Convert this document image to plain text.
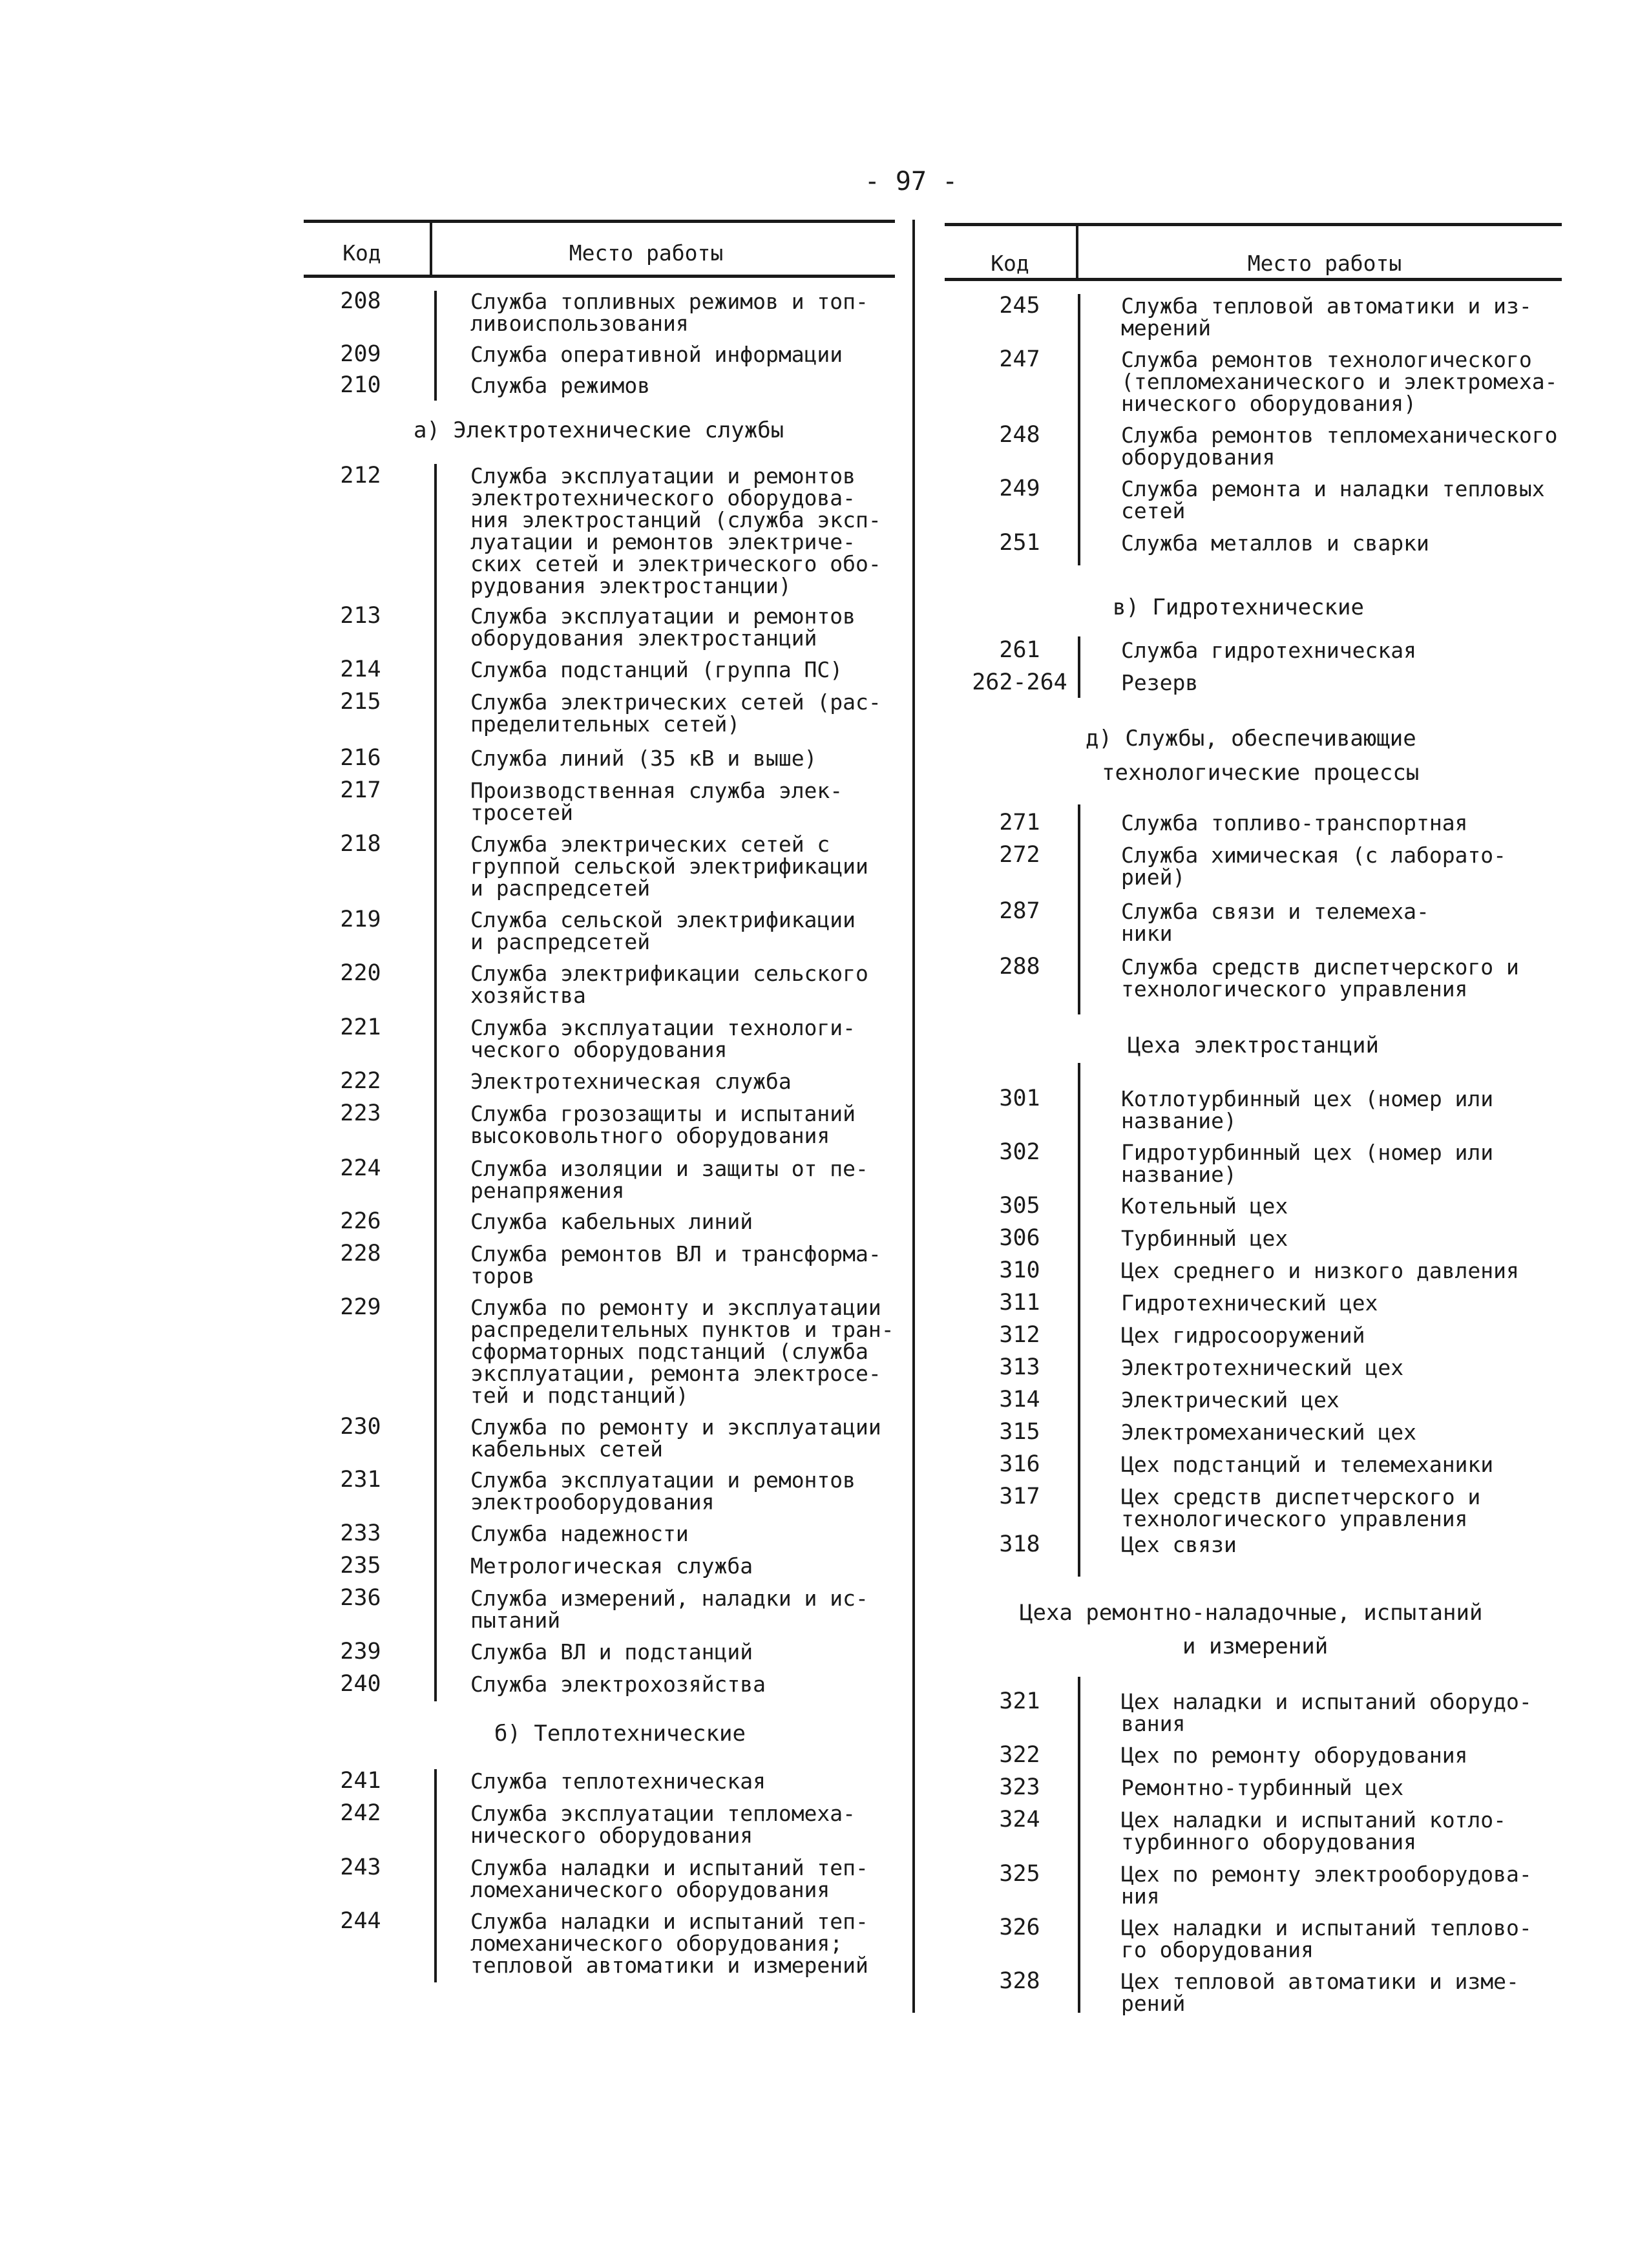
- 97 -
Код	Место работы	Код	Место работы
а) Электротехнические службы
б) Теплотехнические
в) Гидротехнические
д) Службы, обеспечивающие
технологические процессы
Цеха электростанций
Цеха ремонтно-наладочные, испытаний
и измерений
208	Служба топливных режимов и топ-
ливоиспользования
209	Служба оперативной информации
210	Служба режимов
212	Служба эксплуатации и ремонтов
электротехнического оборудова-
ния электростанций (служба эксп-
луатации и ремонтов электриче-
ских сетей и электрического обо-
рудования электростанции)
213	Служба эксплуатации и ремонтов
оборудования электростанций
214	Служба подстанций (группа ПС)
215	Служба электрических сетей (рас-
пределительных сетей)
216	Служба линий (35 кВ и выше)
217	Производственная служба элек-
тросетей
218	Служба электрических сетей с
группой сельской электрификации
и распредсетей
219	Служба сельской электрификации
и распредсетей
220	Служба электрификации сельского
хозяйства
221	Служба эксплуатации технологи-
ческого оборудования
222	Электротехническая служба
223	Служба грозозащиты и испытаний
высоковольтного оборудования
224	Служба изоляции и защиты от пе-
ренапряжения
226	Служба кабельных линий
228	Служба ремонтов ВЛ и трансформа-
торов
229	Служба по ремонту и эксплуатации
распределительных пунктов и тран-
сформаторных подстанций (служба
эксплуатации, ремонта электросе-
тей и подстанций)
230	Служба по ремонту и эксплуатации
кабельных сетей
231	Служба эксплуатации и ремонтов
электрооборудования
233	Служба надежности
235	Метрологическая служба
236	Служба измерений, наладки и ис-
пытаний
239	Служба ВЛ и подстанций
240	Служба электрохозяйства
241	Служба теплотехническая
242	Служба эксплуатации тепломеха-
нического оборудования
243	Служба наладки и испытаний теп-
ломеханического оборудования
244	Служба наладки и испытаний теп-
ломеханического оборудования;
тепловой автоматики и измерений
245	Служба тепловой автоматики и из-
мерений
247	Служба ремонтов технологического
(тепломеханического и электромеха-
нического оборудования)
248	Служба ремонтов тепломеханического
оборудования
249	Служба ремонта и наладки тепловых
сетей
251	Служба металлов и сварки
261	Служба гидротехническая
262-264	Резерв
271	Служба топливо-транспортная
272	Служба химическая (с лаборато-
рией)
287	Служба связи и телемеха-
ники
288	Служба средств диспетчерского и
технологического управления
301	Котлотурбинный цех (номер или
название)
302	Гидротурбинный цех (номер или
название)
305	Котельный цех
306	Турбинный цех
310	Цех среднего и низкого давления
311	Гидротехнический цех
312	Цех гидросооружений
313	Электротехнический цех
314	Электрический цех
315	Электромеханический цех
316	Цех подстанций и телемеханики
317	Цех средств диспетчерского и
технологического управления
318	Цех связи
321	Цех наладки и испытаний оборудо-
вания
322	Цех по ремонту оборудования
323	Ремонтно-турбинный цех
324	Цех наладки и испытаний котло-
турбинного оборудования
325	Цех по ремонту электрооборудова-
ния
326	Цех наладки и испытаний теплово-
го оборудования
328	Цех тепловой автоматики и изме-
рений
